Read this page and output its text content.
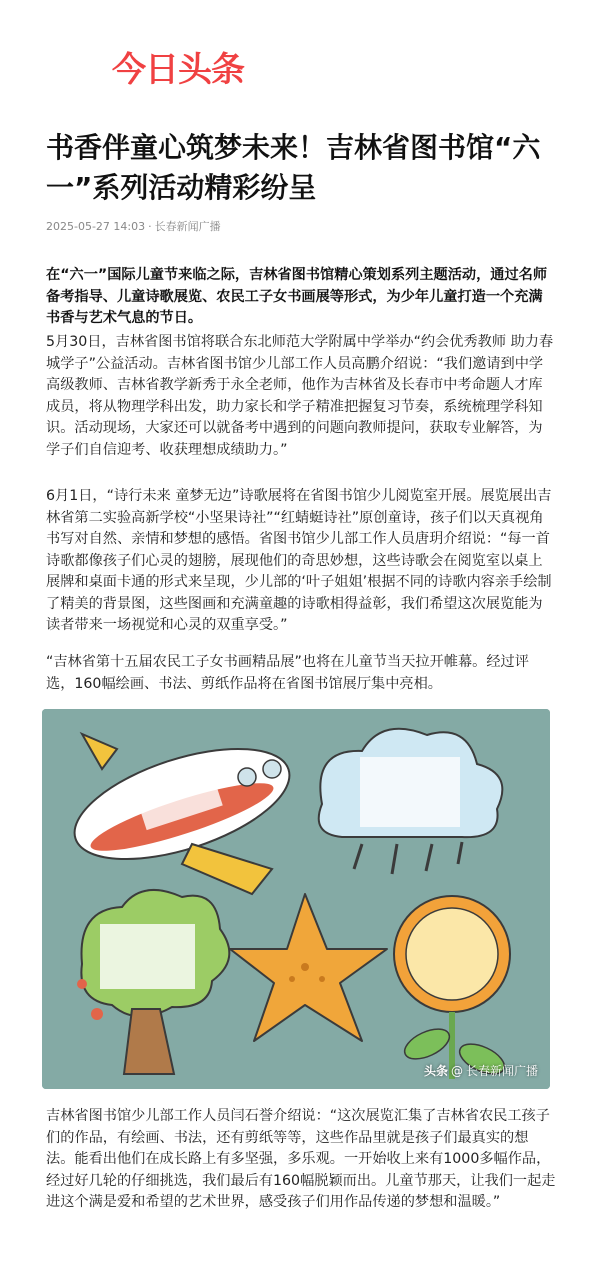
今日头条
书香伴童心筑梦未来！吉林省图书馆“六一”系列活动精彩纷呈
2025-05-27 14:03 · 长春新闻广播

在“六一”国际儿童节来临之际，吉林省图书馆精心策划系列主题活动，通过名师备考指导、儿童诗歌展览、农民工子女书画展等形式，为少年儿童打造一个充满书香与艺术气息的节日。

5月30日，吉林省图书馆将联合东北师范大学附属中学举办“约会优秀教师 助力春城学子”公益活动。吉林省图书馆少儿部工作人员高鹏介绍说：“我们邀请到中学高级教师、吉林省教学新秀于永全老师，他作为吉林省及长春市中考命题人才库成员，将从物理学科出发，助力家长和学子精准把握复习节奏，系统梳理学科知识。活动现场，大家还可以就备考中遇到的问题向教师提问，获取专业解答，为学子们自信迎考、收获理想成绩助力。”

6月1日，“诗行未来 童梦无边”诗歌展将在省图书馆少儿阅览室开展。展览展出吉林省第二实验高新学校“小坚果诗社”“红蜻蜓诗社”原创童诗，孩子们以天真视角书写对自然、亲情和梦想的感悟。省图书馆少儿部工作人员唐玥介绍说：“每一首诗歌都像孩子们心灵的翅膀，展现他们的奇思妙想，这些诗歌会在阅览室以桌上展牌和桌面卡通的形式来呈现，少儿部的‘叶子姐姐’根据不同的诗歌内容亲手绘制了精美的背景图，这些图画和充满童趣的诗歌相得益彰，我们希望这次展览能为读者带来一场视觉和心灵的双重享受。”

“吉林省第十五届农民工子女书画精品展”也将在儿童节当天拉开帷幕。经过评选，160幅绘画、书法、剪纸作品将在省图书馆展厅集中亮相。

头条 @ 长春新闻广播

吉林省图书馆少儿部工作人员闫石誉介绍说：“这次展览汇集了吉林省农民工孩子们的作品，有绘画、书法，还有剪纸等等，这些作品里就是孩子们最真实的想法。能看出他们在成长路上有多坚强，多乐观。一开始收上来有1000多幅作品，经过好几轮的仔细挑选，我们最后有160幅脱颖而出。儿童节那天，让我们一起走进这个满是爱和希望的艺术世界，感受孩子们用作品传递的梦想和温暖。”
